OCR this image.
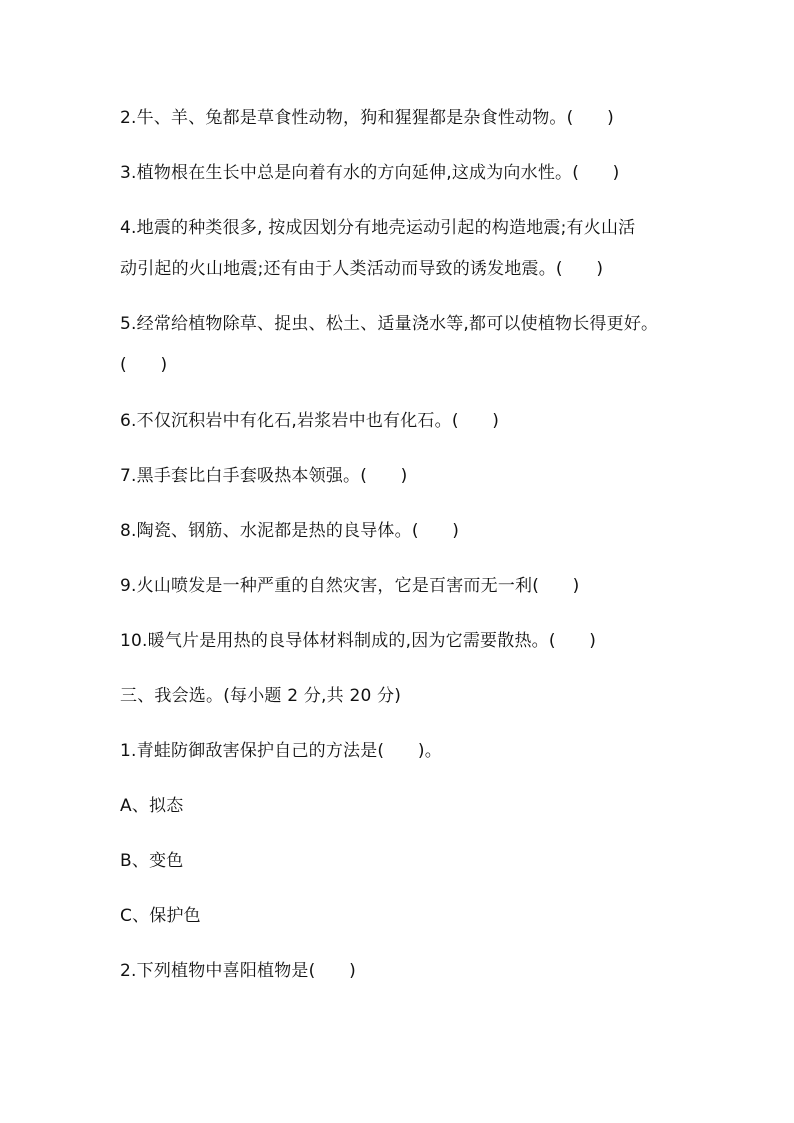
2.牛、羊、兔都是草食性动物，狗和猩猩都是杂食性动物。(      )
3.植物根在生长中总是向着有水的方向延伸,这成为向水性。(      )
4.地震的种类很多, 按成因划分有地壳运动引起的构造地震;有火山活
动引起的火山地震;还有由于人类活动而导致的诱发地震。(      )
5.经常给植物除草、捉虫、松土、适量浇水等,都可以使植物长得更好。
(      )
6.不仅沉积岩中有化石,岩浆岩中也有化石。(      )
7.黑手套比白手套吸热本领强。(      )
8.陶瓷、钢筋、水泥都是热的良导体。(      )
9.火山喷发是一种严重的自然灾害，它是百害而无一利(      )
10.暖气片是用热的良导体材料制成的,因为它需要散热。(      )
三、我会选。(每小题 2 分,共 20 分)
1.青蛙防御敌害保护自己的方法是(      )。
A、拟态
B、变色
C、保护色
2.下列植物中喜阳植物是(      )
